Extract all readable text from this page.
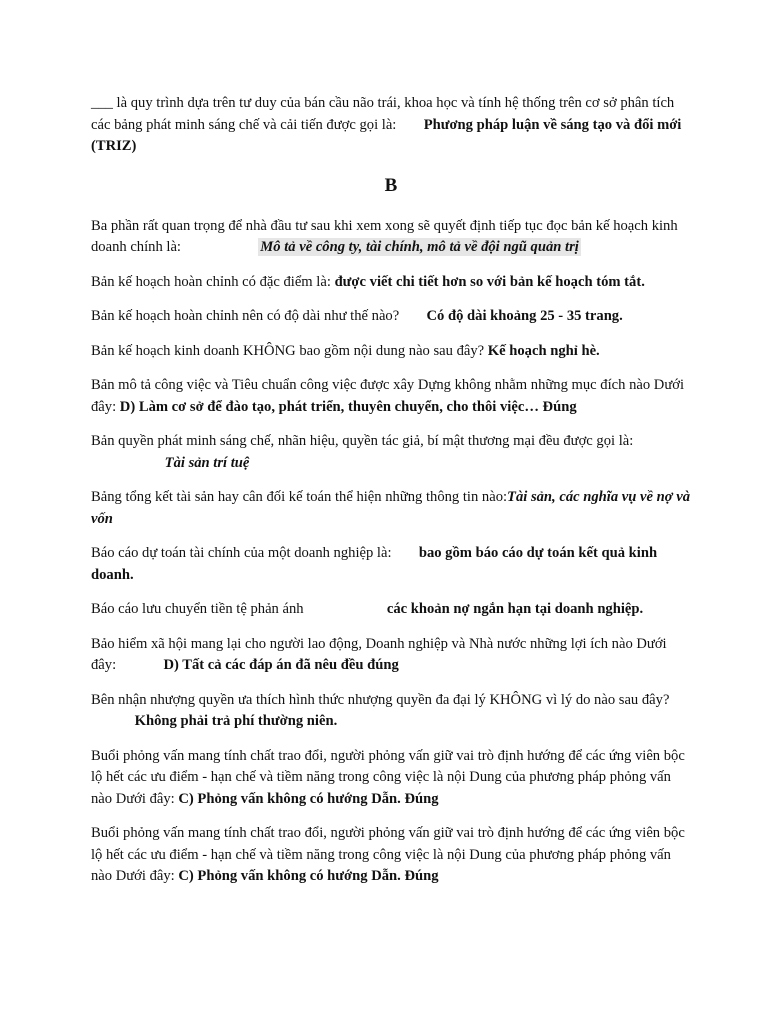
___ là quy trình dựa trên tư duy của bán cầu não trái, khoa học và tính hệ thống trên cơ sở phân tích các bảng phát minh sáng chế và cải tiến được gọi là: Phương pháp luận về sáng tạo và đổi mới (TRIZ)

B

Ba phần rất quan trọng để nhà đầu tư sau khi xem xong sẽ quyết định tiếp tục đọc bản kế hoạch kinh doanh chính là:	Mô tả về công ty, tài chính, mô tả về đội ngũ quản trị

Bản kế hoạch hoàn chỉnh có đặc điểm là: được viết chi tiết hơn so với bản kế hoạch tóm tắt.

Bản kế hoạch hoàn chỉnh nên có độ dài như thế nào? Có độ dài khoảng 25 - 35 trang.

Bản kế hoạch kinh doanh KHÔNG bao gồm nội dung nào sau đây? Kế hoạch nghỉ hè.

Bản mô tả công việc và Tiêu chuẩn công việc được xây Dựng không nhằm những mục đích nào Dưới đây: D) Làm cơ sở để đào tạo, phát triển, thuyên chuyển, cho thôi việc… Đúng

Bản quyền phát minh sáng chế, nhãn hiệu, quyền tác giả, bí mật thương mại đều được gọi là:  Tài sản trí tuệ

Bảng tổng kết tài sản hay cân đối kế toán thể hiện những thông tin nào:Tài sản, các nghĩa vụ về nợ và vốn

Báo cáo dự toán tài chính của một doanh nghiệp là: bao gồm báo cáo dự toán kết quả kinh doanh.

Báo cáo lưu chuyển tiền tệ phản ánh	các khoản nợ ngắn hạn tại doanh nghiệp.

Bảo hiểm xã hội mang lại cho người lao động, Doanh nghiệp và Nhà nước những lợi ích nào Dưới đây:	D) Tất cả các đáp án đã nêu đều đúng

Bên nhận nhượng quyền ưa thích hình thức nhượng quyền đa đại lý KHÔNG vì lý do nào sau đây?  Không phải trả phí thường niên.

Buổi phỏng vấn mang tính chất trao đổi, người phỏng vấn giữ vai trò định hướng để các ứng viên bộc lộ hết các ưu điểm - hạn chế và tiềm năng trong công việc là nội Dung của phương pháp phỏng vấn nào Dưới đây: C) Phỏng vấn không có hướng Dẫn. Đúng

Buổi phỏng vấn mang tính chất trao đổi, người phỏng vấn giữ vai trò định hướng để các ứng viên bộc lộ hết các ưu điểm - hạn chế và tiềm năng trong công việc là nội Dung của phương pháp phỏng vấn nào Dưới đây: C) Phỏng vấn không có hướng Dẫn. Đúng
